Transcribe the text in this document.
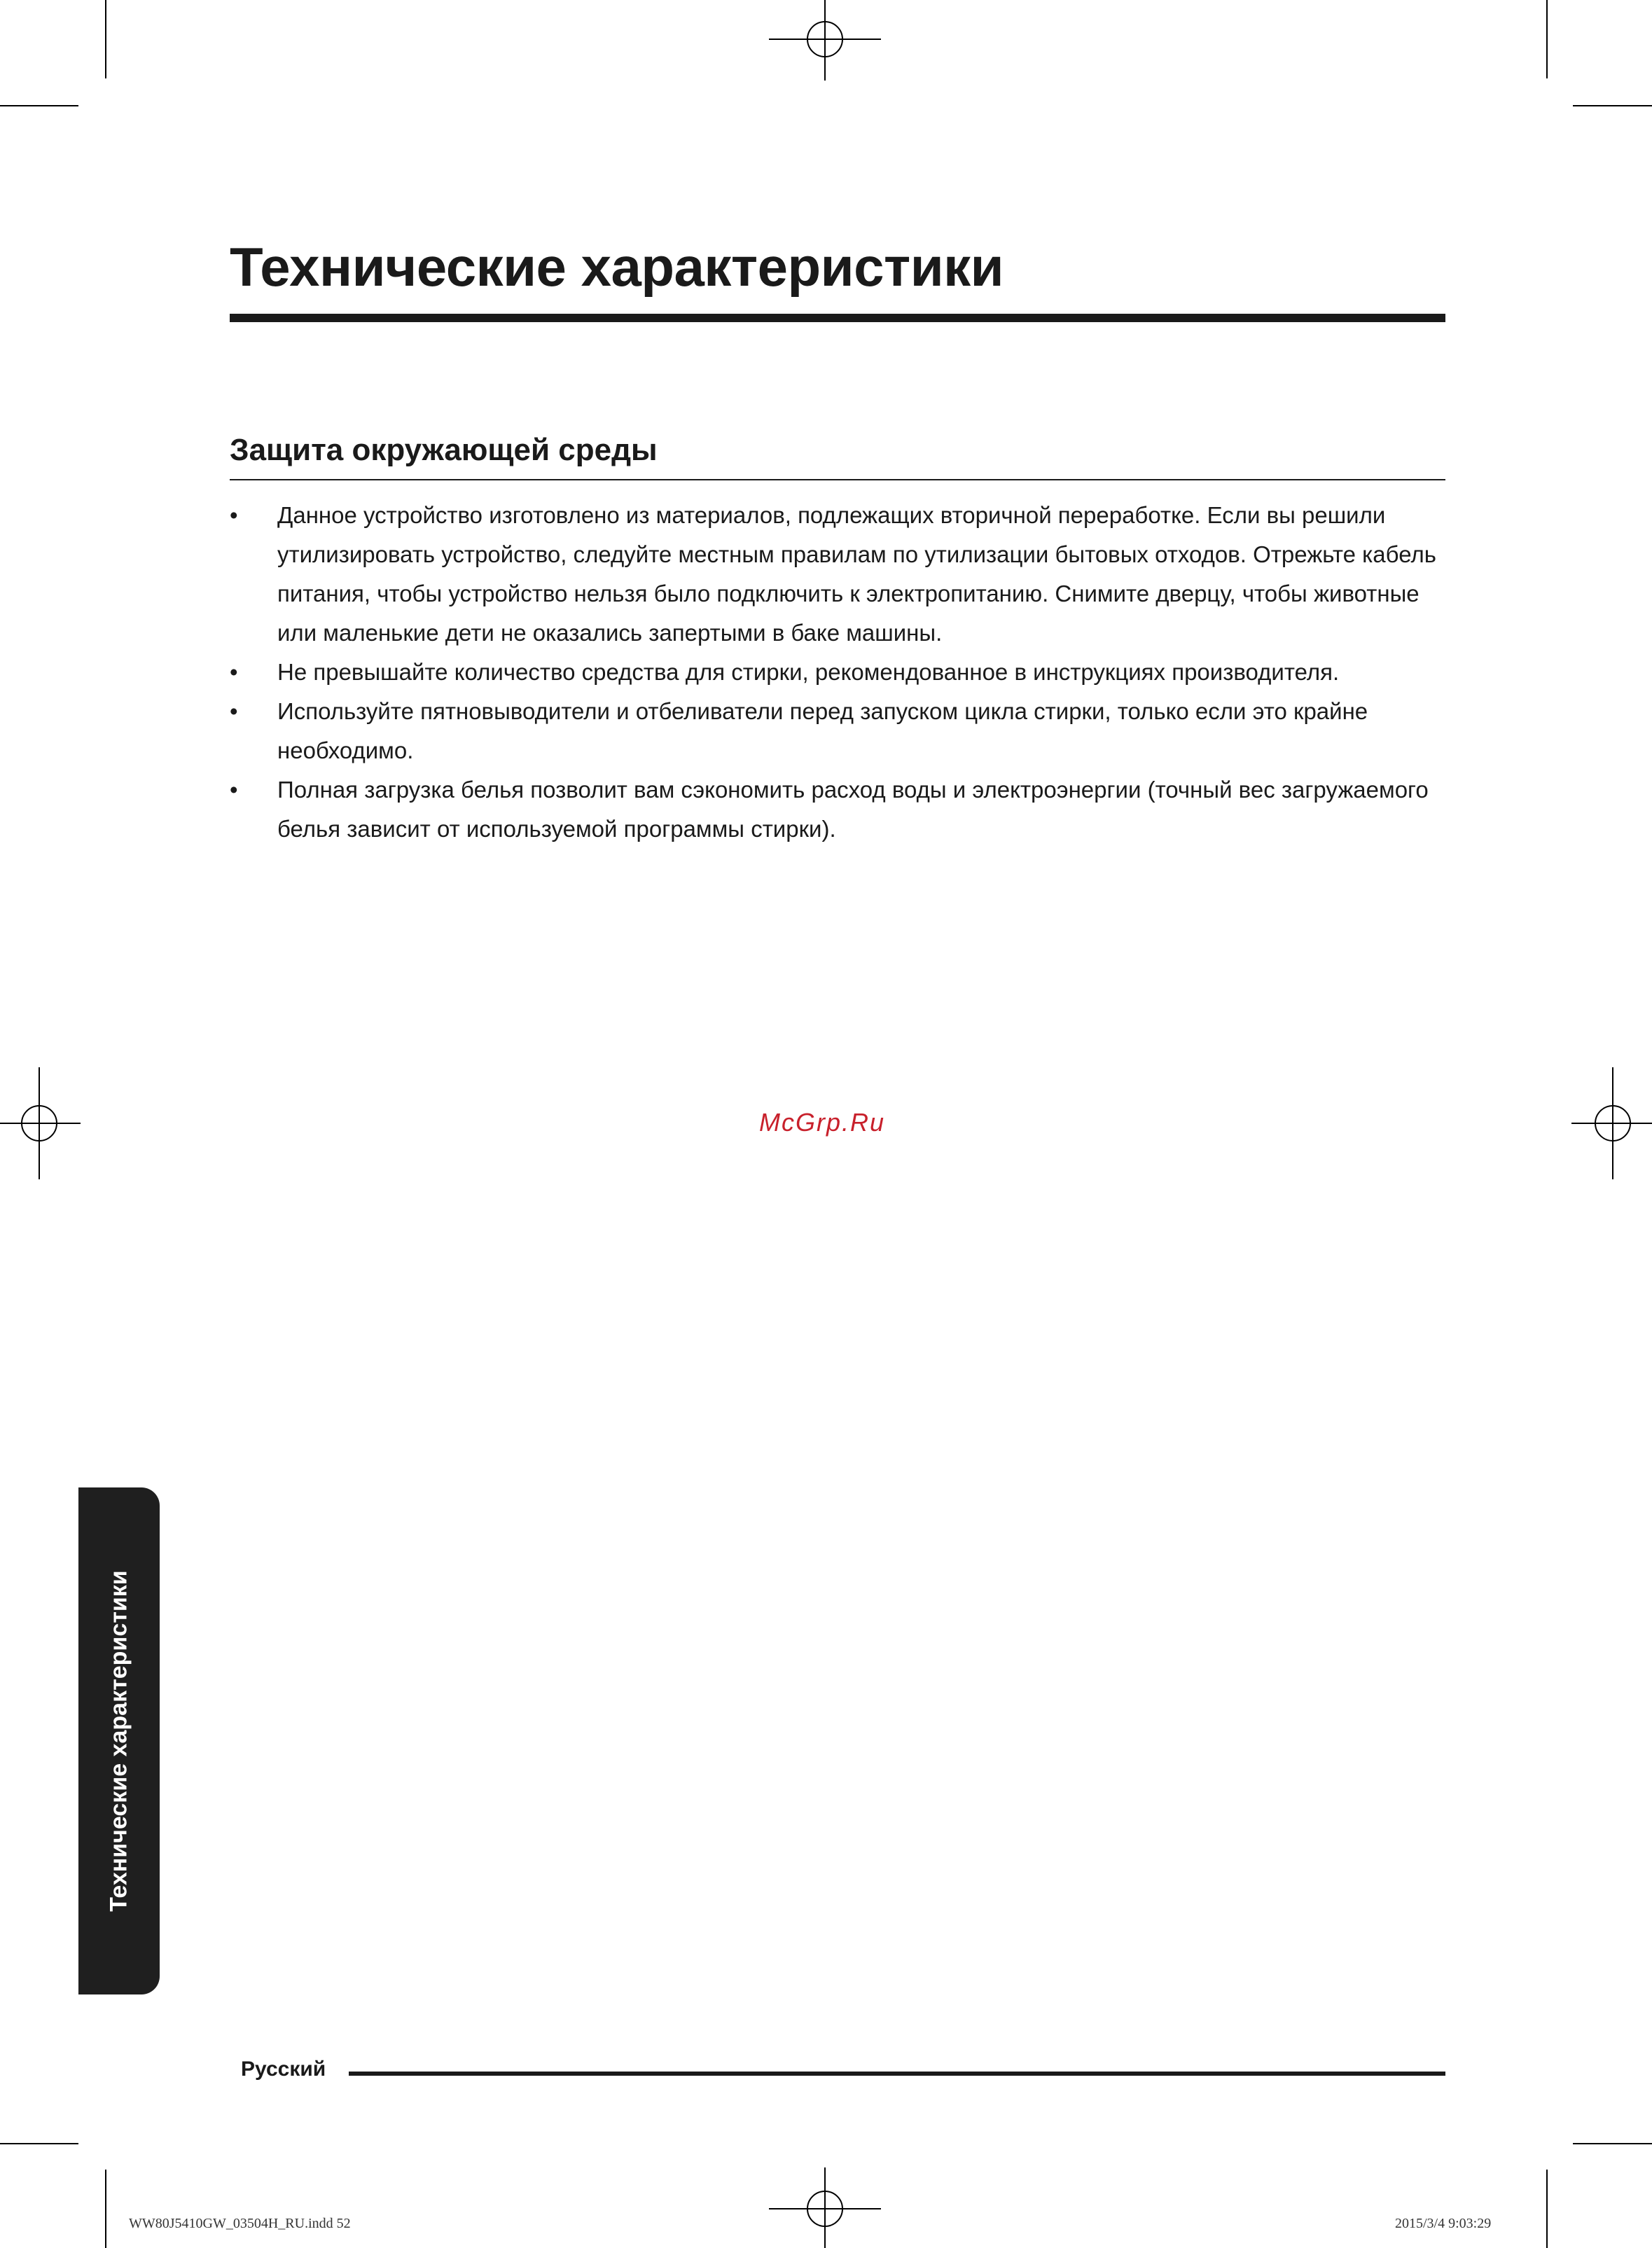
Технические характеристики
Защита окружающей среды
• Данное устройство изготовлено из материалов, подлежащих вторичной переработке. Если вы решили утилизировать устройство, следуйте местным правилам по утилизации бытовых отходов. Отрежьте кабель питания, чтобы устройство нельзя было подключить к электропитанию. Снимите дверцу, чтобы животные или маленькие дети не оказались запертыми в баке машины.
• Не превышайте количество средства для стирки, рекомендованное в инструкциях производителя.
• Используйте пятновыводители и отбеливатели перед запуском цикла стирки, только если это крайне необходимо.
• Полная загрузка белья позволит вам сэкономить расход воды и электроэнергии (точный вес загружаемого белья зависит от используемой программы стирки).
McGrp.Ru
Технические характеристики
Русский
WW80J5410GW_03504H_RU.indd 52	2015/3/4 9:03:29
